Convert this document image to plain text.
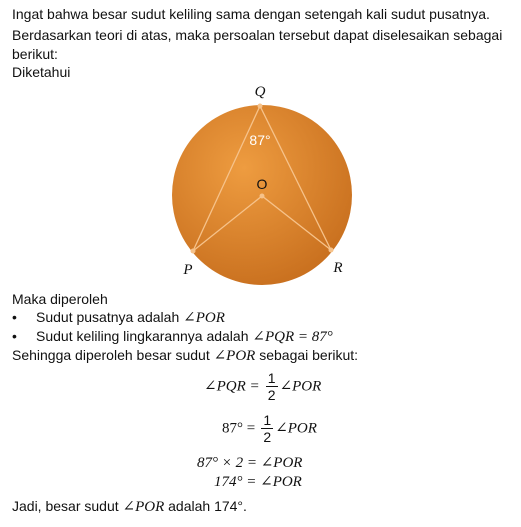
Ingat bahwa besar sudut keliling sama dengan setengah kali sudut pusatnya.
Berdasarkan teori di atas, maka persoalan tersebut dapat diselesaikan sebagai
berikut:
Diketahui
87°
O
Q
P	R
Maka diperoleh
• Sudut pusatnya adalah ∠POR
• Sudut keliling lingkarannya adalah ∠PQR = 87°
Sehingga diperoleh besar sudut ∠POR sebagai berikut:
∠PQR = $\frac{1}{2}$ ∠POR
$87^\circ = \frac{1}{2}$ ∠POR
87° × 2 = ∠POR
174° = ∠POR
Jadi, besar sudut ∠POR adalah 174°.
